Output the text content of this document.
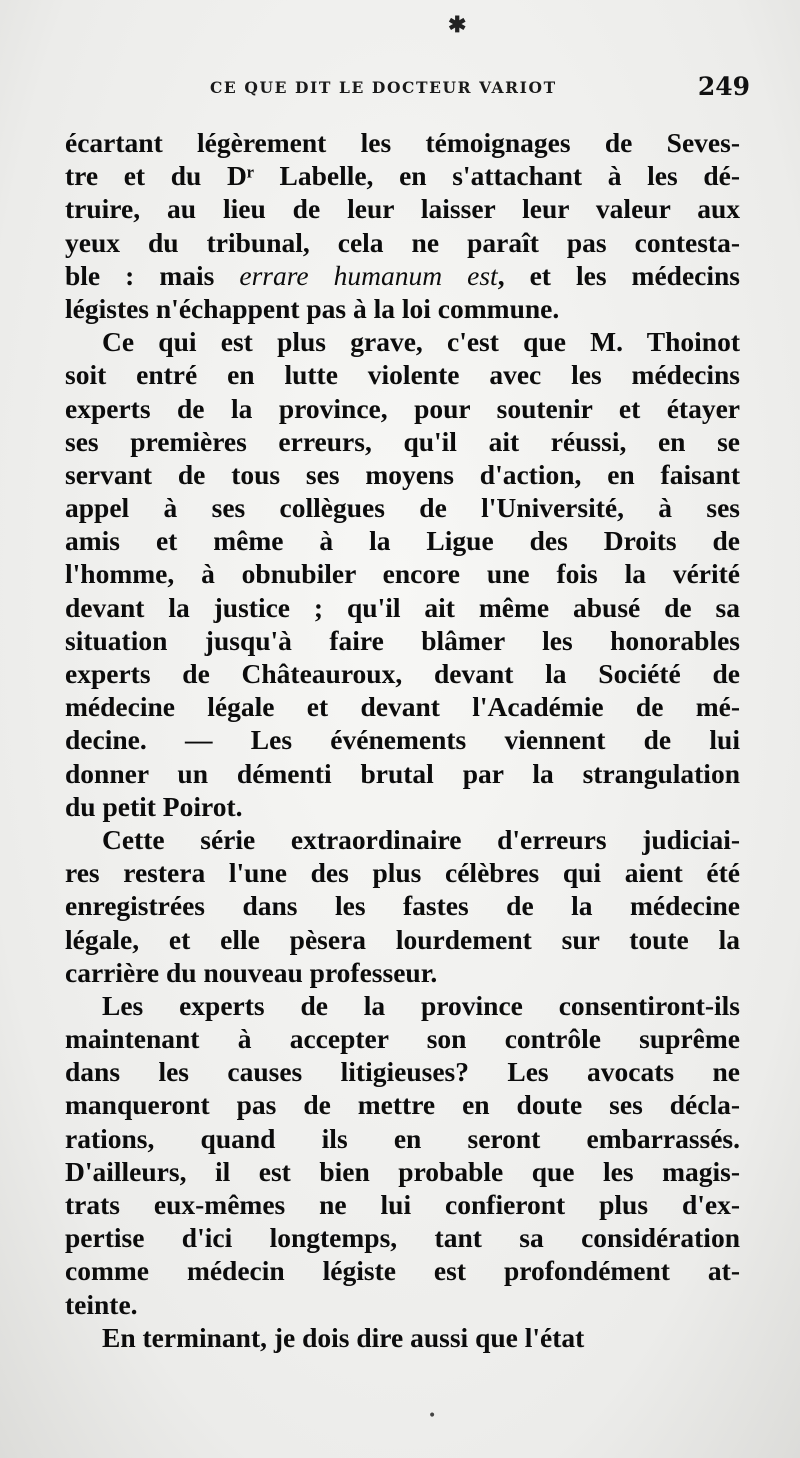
✱
CE QUE DIT LE DOCTEUR VARIOT	249
écartant légèrement les témoignages de Seves-
tre et du Dʳ Labelle, en s'attachant à les dé-
truire, au lieu de leur laisser leur valeur aux
yeux du tribunal, cela ne paraît pas contesta-
ble : mais errare humanum est, et les médecins
légistes n'échappent pas à la loi commune.
Ce qui est plus grave, c'est que M. Thoinot
soit entré en lutte violente avec les médecins
experts de la province, pour soutenir et étayer
ses premières erreurs, qu'il ait réussi, en se
servant de tous ses moyens d'action, en faisant
appel à ses collègues de l'Université, à ses
amis et même à la Ligue des Droits de
l'homme, à obnubiler encore une fois la vérité
devant la justice ; qu'il ait même abusé de sa
situation jusqu'à faire blâmer les honorables
experts de Châteauroux, devant la Société de
médecine légale et devant l'Académie de mé-
decine. — Les événements viennent de lui
donner un démenti brutal par la strangulation
du petit Poirot.
Cette série extraordinaire d'erreurs judiciai-
res restera l'une des plus célèbres qui aient été
enregistrées dans les fastes de la médecine
légale, et elle pèsera lourdement sur toute la
carrière du nouveau professeur.
Les experts de la province consentiront-ils
maintenant à accepter son contrôle suprême
dans les causes litigieuses? Les avocats ne
manqueront pas de mettre en doute ses décla-
rations, quand ils en seront embarrassés.
D'ailleurs, il est bien probable que les magis-
trats eux-mêmes ne lui confieront plus d'ex-
pertise d'ici longtemps, tant sa considération
comme médecin légiste est profondément at-
teinte.
En terminant, je dois dire aussi que l'état
•
